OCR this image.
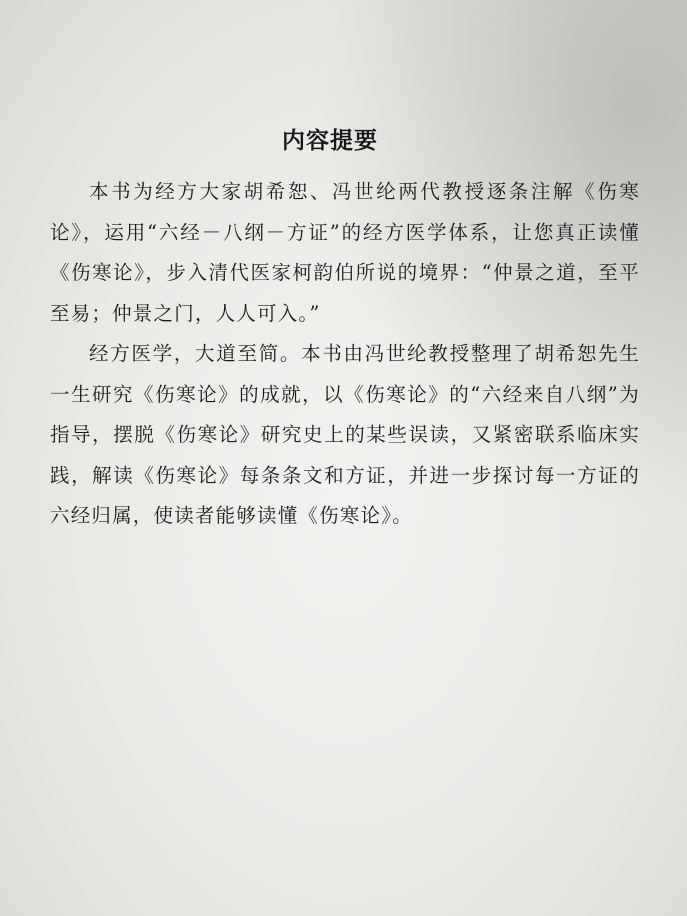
内容提要

本书为经方大家胡希恕、冯世纶两代教授逐条注解《伤寒论》，运用“六经－八纲－方证”的经方医学体系，让您真正读懂《伤寒论》，步入清代医家柯韵伯所说的境界：“仲景之道，至平至易；仲景之门，人人可入。”

经方医学，大道至简。本书由冯世纶教授整理了胡希恕先生一生研究《伤寒论》的成就，以《伤寒论》的“六经来自八纲”为指导，摆脱《伤寒论》研究史上的某些误读，又紧密联系临床实践，解读《伤寒论》每条条文和方证，并进一步探讨每一方证的六经归属，使读者能够读懂《伤寒论》。
